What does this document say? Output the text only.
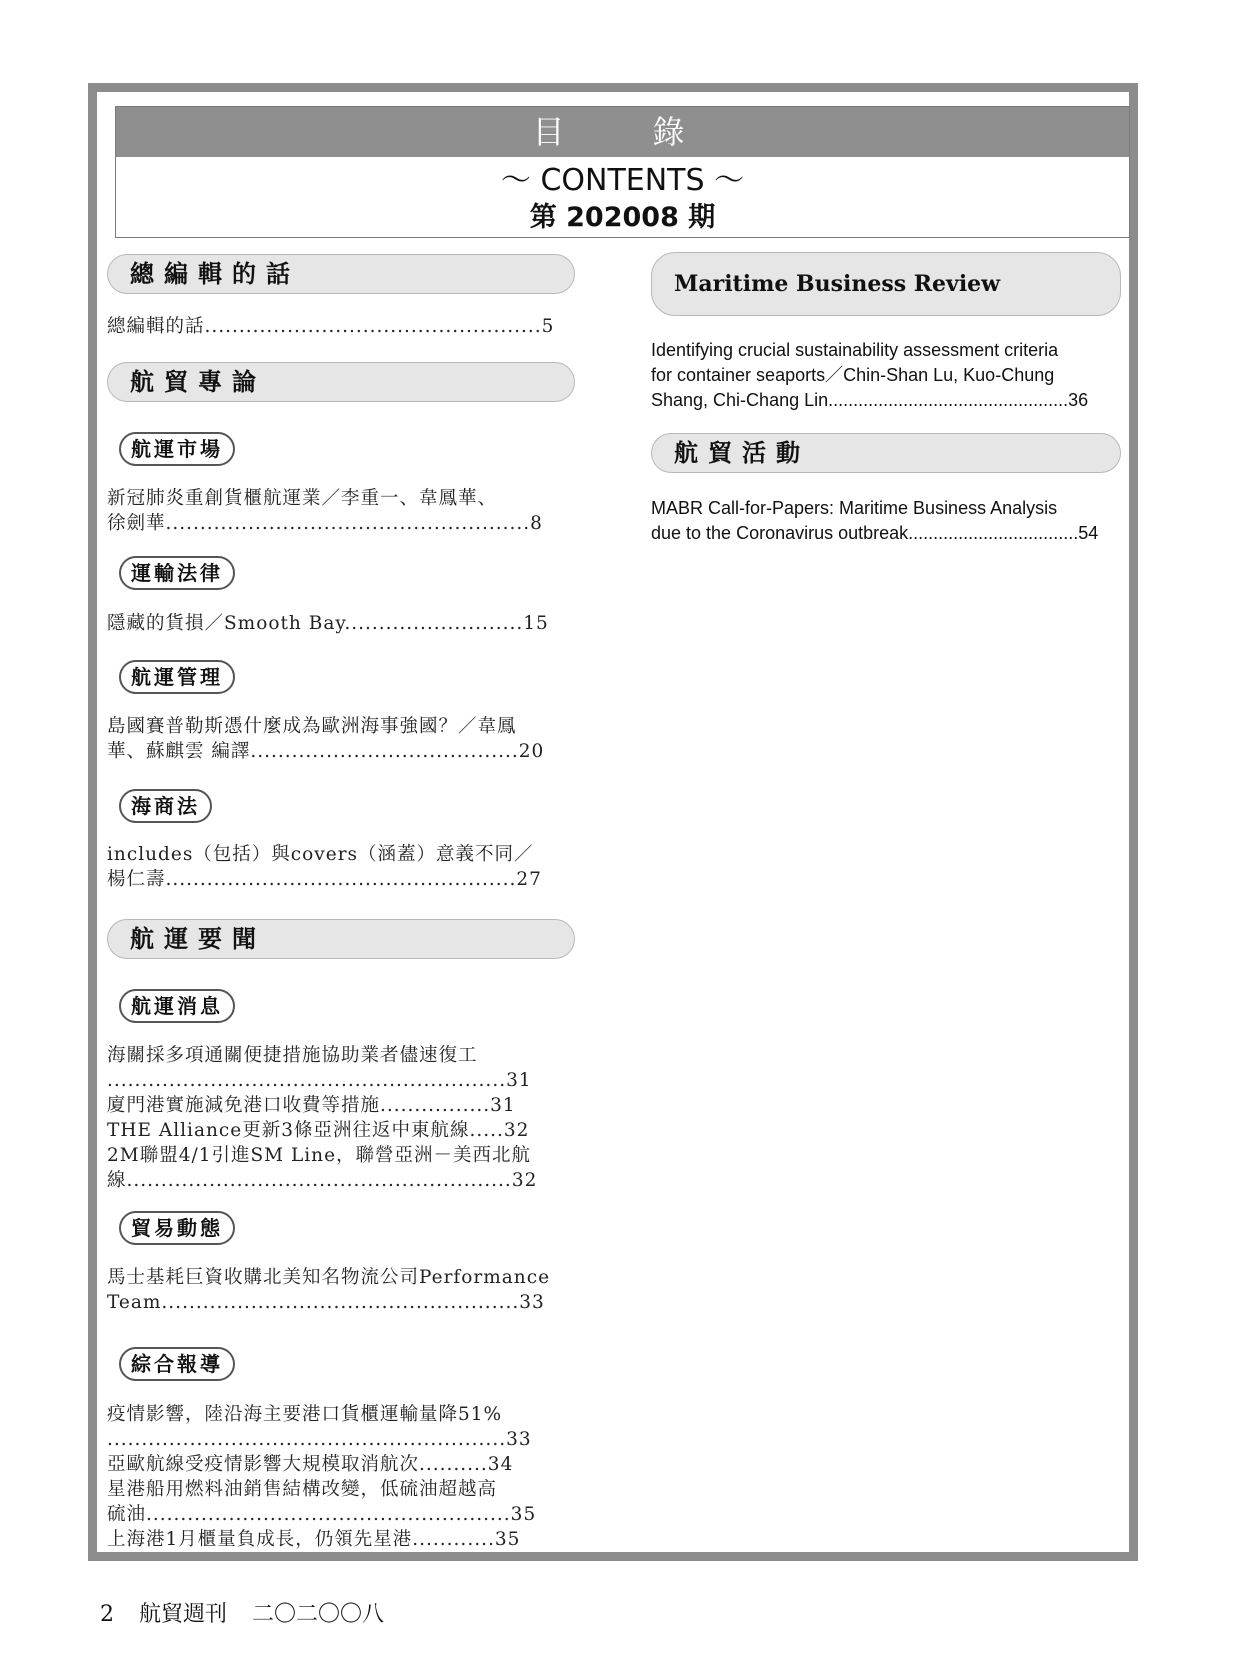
目　錄
～ CONTENTS ～
第 202008 期
總編輯的話
總編輯的話.................................................5
航貿專論
航運市場

新冠肺炎重創貨櫃航運業／李重一、韋鳳華、

徐劍華.....................................................8

運輸法律
隱藏的貨損／Smooth Bay..........................15
航運管理

島國賽普勒斯憑什麼成為歐洲海事強國？／韋鳳

華、蘇麒雲 編譯.......................................20

海商法

includes（包括）與covers（涵蓋）意義不同／

楊仁壽...................................................27

航運要聞
航運消息

海關採多項通關便捷措施協助業者儘速復工

..........................................................31

廈門港實施減免港口收費等措施................31

THE Alliance更新3條亞洲往返中東航線.....32

2M聯盟4/1引進SM Line，聯營亞洲－美西北航

線........................................................32

貿易動態

馬士基耗巨資收購北美知名物流公司Performance

Team....................................................33

綜合報導

疫情影響，陸沿海主要港口貨櫃運輸量降51%

..........................................................33

亞歐航線受疫情影響大規模取消航次..........34

星港船用燃料油銷售結構改變，低硫油超越高

硫油.....................................................35

上海港1月櫃量負成長，仍領先星港............35

Maritime Business Review
Identifying crucial sustainability assessment criteria
for container seaports／Chin-Shan Lu, Kuo-Chung
Shang, Chi-Chang Lin................................................36
航貿活動
MABR Call-for-Papers: Maritime Business Analysis
due to the Coronavirus outbreak..................................54
2 航貿週刊 二〇二〇〇八
